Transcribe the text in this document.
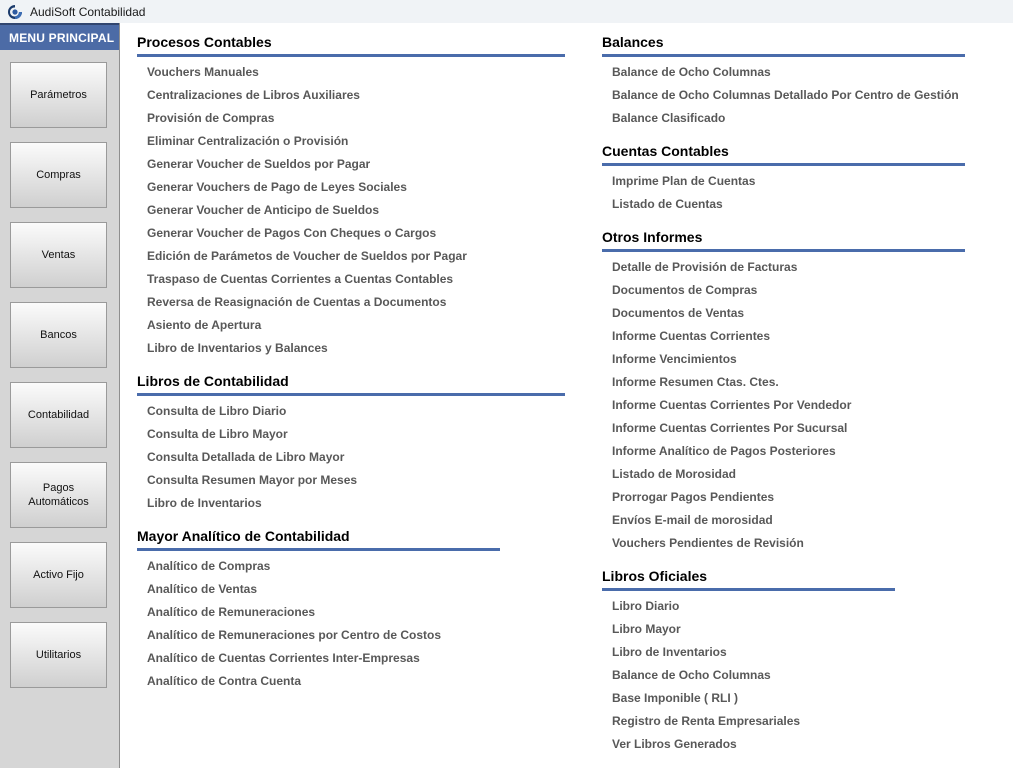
AudiSoft Contabilidad
MENU PRINCIPAL
Parámetros
Compras
Ventas
Bancos
Contabilidad
Pagos Automáticos
Activo Fijo
Utilitarios
Procesos Contables
Vouchers Manuales
Centralizaciones de Libros Auxiliares
Provisión de Compras
Eliminar Centralización o Provisión
Generar Voucher de Sueldos por Pagar
Generar Vouchers de Pago de Leyes Sociales
Generar Voucher de Anticipo de Sueldos
Generar Voucher de Pagos Con Cheques o Cargos
Edición de Parámetos de Voucher de Sueldos por Pagar
Traspaso de Cuentas Corrientes a Cuentas Contables
Reversa de Reasignación de Cuentas a Documentos
Asiento de Apertura
Libro de Inventarios y Balances
Libros de Contabilidad
Consulta de Libro Diario
Consulta de Libro Mayor
Consulta Detallada de Libro Mayor
Consulta Resumen Mayor por Meses
Libro de Inventarios
Mayor Analítico de Contabilidad
Analítico de Compras
Analítico de Ventas
Analítico de Remuneraciones
Analítico de Remuneraciones por Centro de Costos
Analítico de Cuentas Corrientes Inter-Empresas
Analítico de Contra Cuenta
Balances
Balance de Ocho Columnas
Balance de Ocho Columnas Detallado Por Centro de Gestión
Balance Clasificado
Cuentas Contables
Imprime Plan de Cuentas
Listado de Cuentas
Otros Informes
Detalle de Provisión de Facturas
Documentos de Compras
Documentos de Ventas
Informe Cuentas Corrientes
Informe Vencimientos
Informe Resumen Ctas. Ctes.
Informe Cuentas Corrientes Por Vendedor
Informe Cuentas Corrientes Por Sucursal
Informe Analítico de Pagos Posteriores
Listado de Morosidad
Prorrogar Pagos Pendientes
Envíos E-mail de morosidad
Vouchers Pendientes de Revisión
Libros Oficiales
Libro Diario
Libro Mayor
Libro de Inventarios
Balance de Ocho Columnas
Base Imponible ( RLI )
Registro de Renta Empresariales
Ver Libros Generados
